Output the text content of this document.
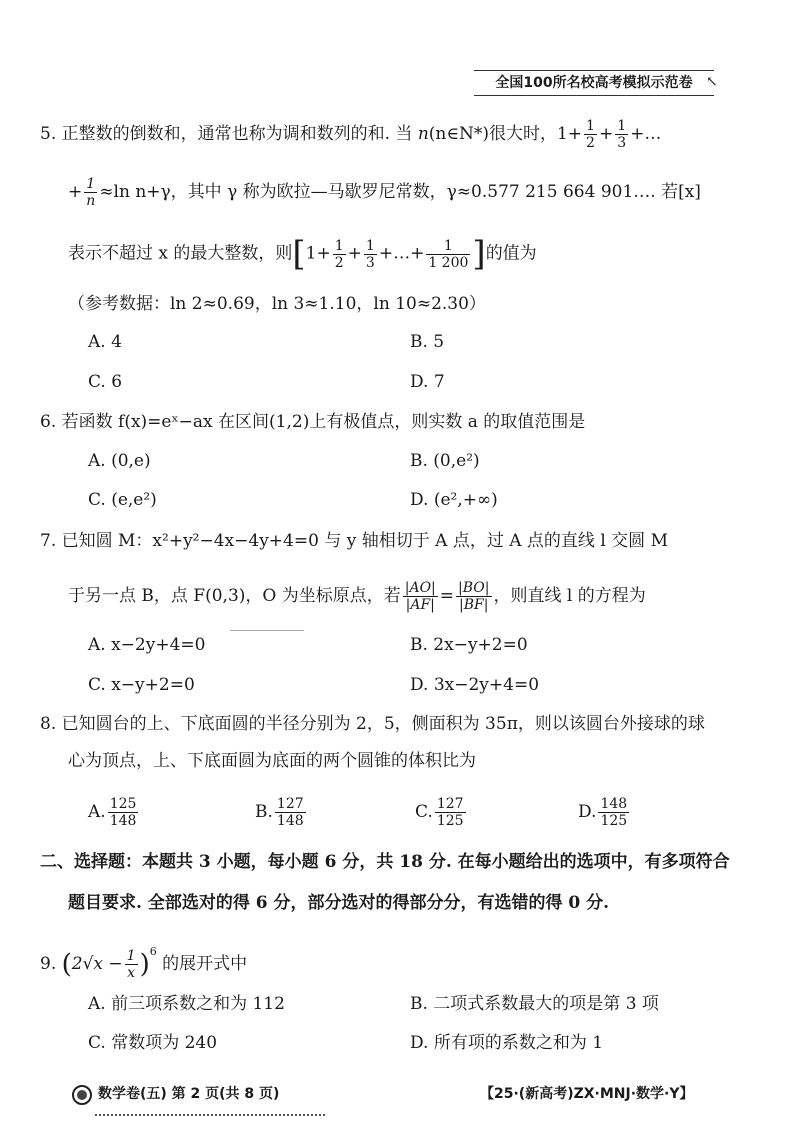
全国100所名校高考模拟示范卷 ↖
5. 正整数的倒数和，通常也称为调和数列的和. 当 n(n∈N*)很大时，$1+ \frac{1}{2} + \frac{1}{3}$ +…
+ $\frac{1}{n} \approx\ln$ n+γ，其中 γ 称为欧拉—马歇罗尼常数，γ≈0.577 215 664 901…. 若[x]
表示不超过 x 的最大整数，则[$1+ \frac{1}{2} + \frac{1}{3}$ +…+ $\frac{1}{1 200}$ ]的值为
（参考数据：ln 2≈0.69，ln 3≈1.10，ln 10≈2.30）
A. 4	B. 5
C. 6	D. 7
6. 若函数 f(x)=eˣ−ax 在区间(1,2)上有极值点，则实数 a 的取值范围是
A. (0,e)	B. (0,e²)
C. (e,e²)	D. (e²,+∞)
7. 已知圆 M：x²+y²−4x−4y+4=0 与 y 轴相切于 A 点，过 A 点的直线 l 交圆 M
于另一点 B，点 F(0,3)，O 为坐标原点，若 $\frac{|AO|}{|AF|} = \frac{|BO|}{|BF|}$ ，则直线 l 的方程为
A. x−2y+4=0	B. 2x−y+2=0
C. x−y+2=0	D. 3x−2y+4=0
8. 已知圆台的上、下底面圆的半径分别为 2，5，侧面积为 35π，则以该圆台外接球的球
心为顶点，上、下底面圆为底面的两个圆锥的体积比为
A. $\frac{125}{148}$	B. $\frac{127}{148}$	C. $\frac{127}{125}$	D. $\frac{148}{125}$
二、选择题：本题共 3 小题，每小题 6 分，共 18 分. 在每小题给出的选项中，有多项符合
题目要求. 全部选对的得 6 分，部分选对的得部分分，有选错的得 0 分.
9. $(2√x - \frac{1}{x} )^6$ 的展开式中
A. 前三项系数之和为 112	B. 二项式系数最大的项是第 3 项
C. 常数项为 240	D. 所有项的系数之和为 1
数学卷(五) 第 2 页(共 8 页)	【25·(新高考)ZX·MNJ·数学·Y】
